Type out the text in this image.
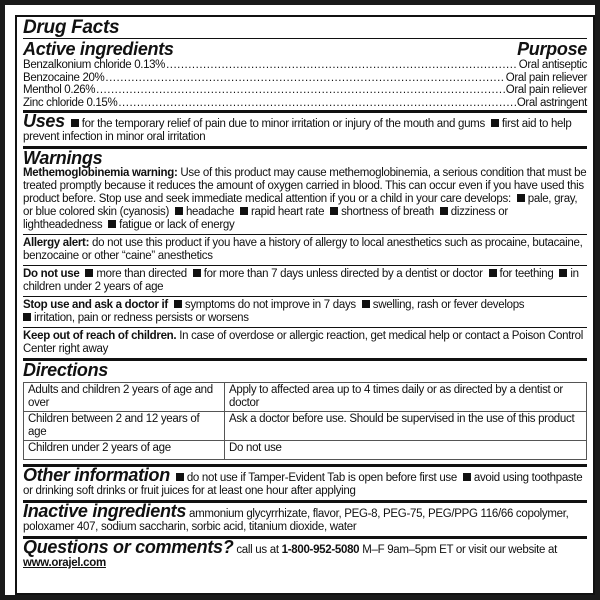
Drug Facts
Active ingredients	Purpose
Benzalkonium chloride 0.13% .....	Oral antiseptic
Benzocaine 20% .....	Oral pain reliever
Menthol 0.26% .....	Oral pain reliever
Zinc chloride 0.15% .....	Oral astringent
Uses for the temporary relief of pain due to minor irritation or injury of the mouth and gums first aid to help prevent infection in minor oral irritation
Warnings
Methemoglobinemia warning: Use of this product may cause methemoglobinemia, a serious condition that must be treated promptly because it reduces the amount of oxygen carried in blood. This can occur even if you have used this product before. Stop use and seek immediate medical attention if you or a child in your care develops: pale, gray, or blue colored skin (cyanosis) headache rapid heart rate shortness of breath dizziness or lightheadedness fatigue or lack of energy
Allergy alert: do not use this product if you have a history of allergy to local anesthetics such as procaine, butacaine, benzocaine or other “caine” anesthetics
Do not use more than directed for more than 7 days unless directed by a dentist or doctor for teething in children under 2 years of age
Stop use and ask a doctor if symptoms do not improve in 7 days swelling, rash or fever develops
irritation, pain or redness persists or worsens
Keep out of reach of children. In case of overdose or allergic reaction, get medical help or contact a Poison Control Center right away
Directions
Adults and children 2 years of age and over	Apply to affected area up to 4 times daily or as directed by a dentist or doctor
Children between 2 and 12 years of age	Ask a doctor before use. Should be supervised in the use of this product
Children under 2 years of age	Do not use
Other information do not use if Tamper-Evident Tab is open before first use avoid using toothpaste or drinking soft drinks or fruit juices for at least one hour after applying
Inactive ingredients ammonium glycyrrhizate, flavor, PEG-8, PEG-75, PEG/PPG 116/66 copolymer, poloxamer 407, sodium saccharin, sorbic acid, titanium dioxide, water
Questions or comments? call us at 1-800-952-5080 M–F 9am–5pm ET or visit our website at www.orajel.com
